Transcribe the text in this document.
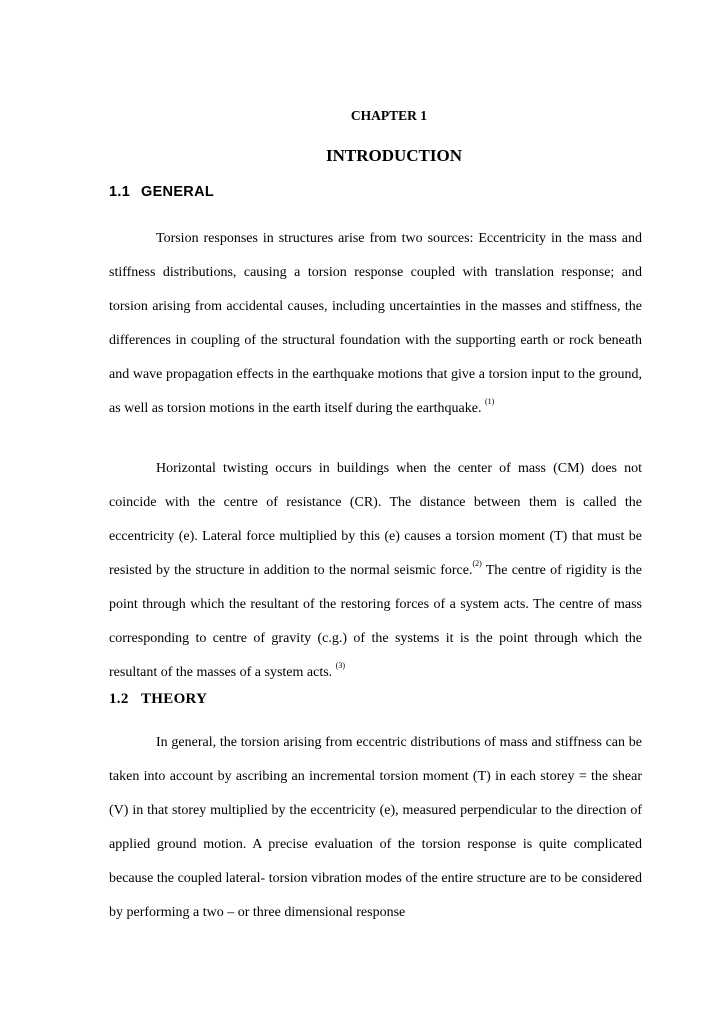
CHAPTER 1
INTRODUCTION
1.1 GENERAL

Torsion responses in structures arise from two sources: Eccentricity in the mass and stiffness distributions, causing a torsion response coupled with translation response; and torsion arising from accidental causes, including uncertainties in the masses and stiffness, the differences in coupling of the structural foundation with the supporting earth or rock beneath and wave propagation effects in the earthquake motions that give a torsion input to the ground, as well as torsion motions in the earth itself during the earthquake. $^{(1)}$

Horizontal twisting occurs in buildings when the center of mass (CM) does not coincide with the centre of resistance (CR). The distance between them is called the eccentricity (e). Lateral force multiplied by this (e) causes a torsion moment (T) that must be resisted by the structure in addition to the normal seismic force.$^{(2)}$ The centre of rigidity is the point through which the resultant of the restoring forces of a system acts. The centre of mass corresponding to centre of gravity (c.g.) of the systems it is the point through which the resultant of the masses of a system acts. $^{(3)}$

1.2 THEORY

In general, the torsion arising from eccentric distributions of mass and stiffness can be taken into account by ascribing an incremental torsion moment (T) in each storey = the shear (V) in that storey multiplied by the eccentricity (e), measured perpendicular to the direction of applied ground motion. A precise evaluation of the torsion response is quite complicated because the coupled lateral- torsion vibration modes of the entire structure are to be considered by performing a two – or three dimensional response
